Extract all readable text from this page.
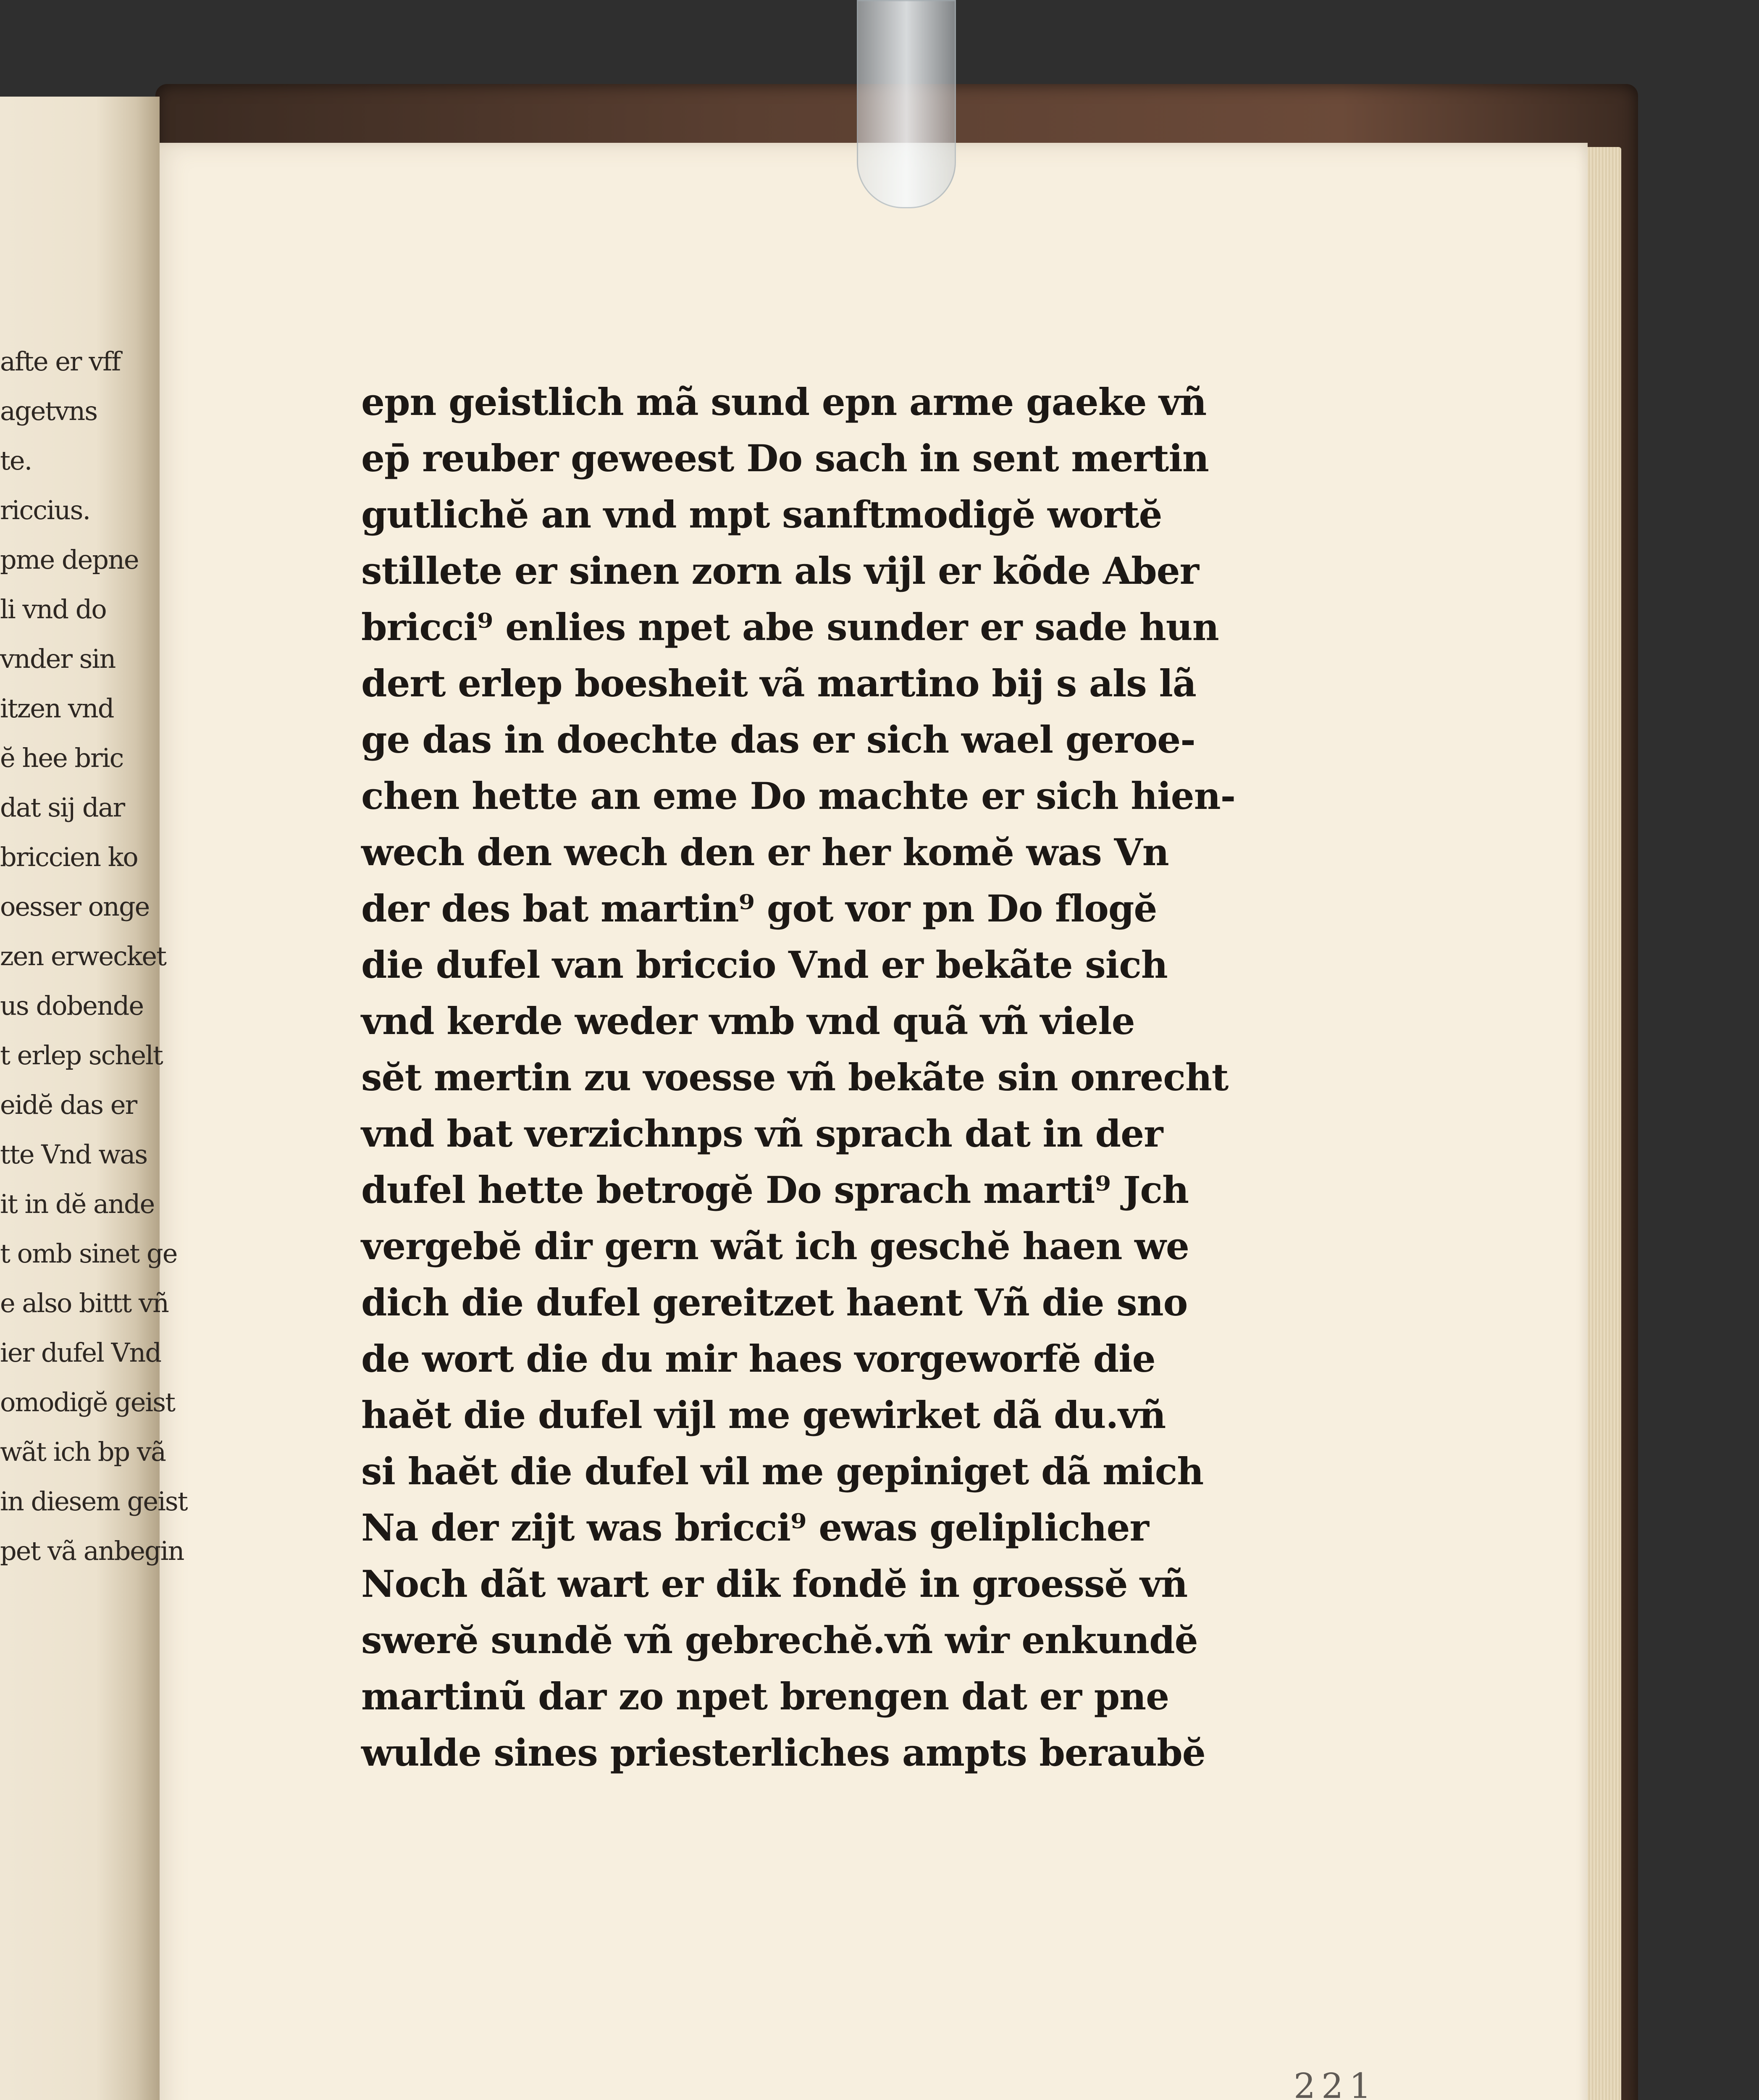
afte er vff
agetvns
te.
riccius.
pme depne
li vnd do
vnder sin
itzen vnd
ĕ hee bric
dat sij dar
briccien ko
oesser onge
zen erwecket
us dobende
t erlep schelt
eidĕ das er
tte Vnd was
it in dĕ ande
t omb sinet ge
e also bittt vñ
ier dufel Vnd
omodigĕ geist
wãt ich bp vã
in diesem geist
pet vã anbegin
epn geistlich mã sund epn arme gaeke vñ
ep̄ reuber geweest Do sach in sent mertin
gutlichĕ an vnd mpt sanftmodigĕ wortĕ
stillete er sinen zorn als vijl er kõde Aber
bricci⁹ enlies npet abe sunder er sade hun
dert erlep boesheit vã martino bij s als lã
ge das in doechte das er sich wael geroe-
chen hette an eme Do machte er sich hien-
wech den wech den er her komĕ was Vn
der des bat martin⁹ got vor pn Do flogĕ
die dufel van briccio Vnd er bekãte sich
vnd kerde weder vmb vnd quã vñ viele
sĕt mertin zu voesse vñ bekãte sin onrecht
vnd bat verzichnps vñ sprach dat in der
dufel hette betrogĕ Do sprach marti⁹ Jch
vergebĕ dir gern wãt ich geschĕ haen we
dich die dufel gereitzet haent Vñ die sno
de wort die du mir haes vorgeworfĕ die
haĕt die dufel vijl me gewirket dã du.vñ
si haĕt die dufel vil me gepiniget dã mich
Na der zijt was bricci⁹ ewas geliplicher
Noch dãt wart er dik fondĕ in groessĕ vñ
swerĕ sundĕ vñ gebrechĕ.vñ wir enkundĕ
martinũ dar zo npet brengen dat er pne
wulde sines priesterliches ampts beraubĕ
221
